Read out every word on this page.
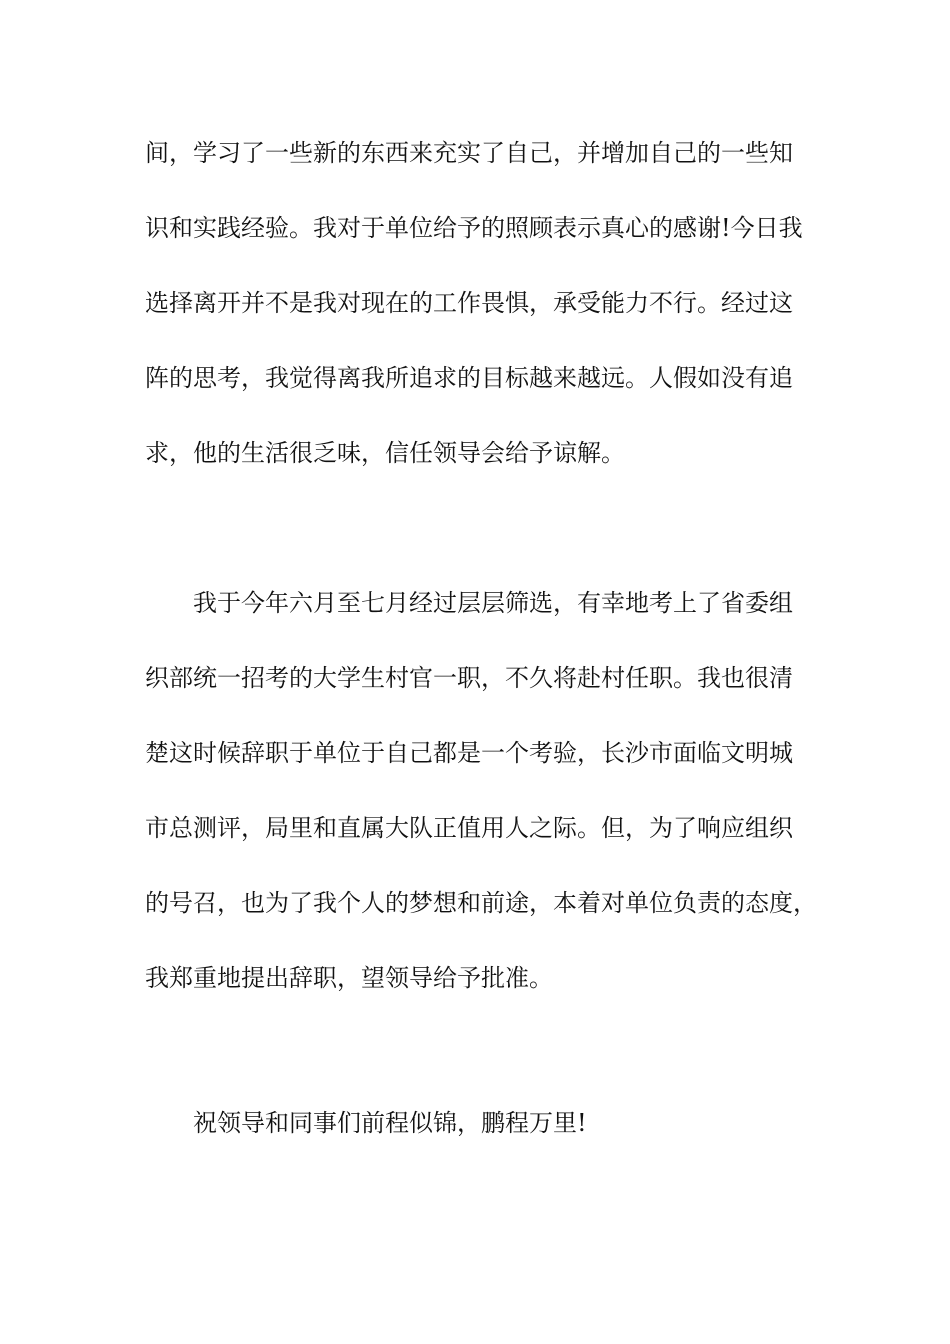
间，学习了一些新的东西来充实了自己，并增加自己的一些知
识和实践经验。我对于单位给予的照顾表示真心的感谢!今日我
选择离开并不是我对现在的工作畏惧，承受能力不行。经过这
阵的思考，我觉得离我所追求的目标越来越远。人假如没有追
求，他的生活很乏味，信任领导会给予谅解。

我于今年六月至七月经过层层筛选，有幸地考上了省委组
织部统一招考的大学生村官一职，不久将赴村任职。我也很清
楚这时候辞职于单位于自己都是一个考验，长沙市面临文明城
市总测评，局里和直属大队正值用人之际。但，为了响应组织
的号召，也为了我个人的梦想和前途，本着对单位负责的态度，
我郑重地提出辞职，望领导给予批准。

祝领导和同事们前程似锦，鹏程万里!
